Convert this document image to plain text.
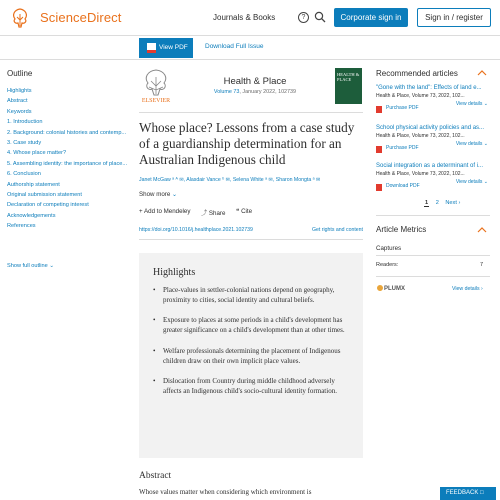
ScienceDirect	Journals & Books	?	Corporate sign in	Sign in / register
View PDF	Download Full Issue
Outline
Highlights
Abstract
Keywords
1. Introduction
2. Background: colonial histories and contemp...
3. Case study
4. Whose place matter?
5. Assembling identity: the importance of place...
6. Conclusion
Authorship statement
Original submission statement
Declaration of competing interest
Acknowledgements
References
Show full outline ⌄
ELSEVIER
Health & Place
Volume 73, January 2022, 102739
HEALTH & PLACE
Whose place? Lessons from a case study of a guardianship determination for an Australian Indigenous child
Janet McGaw ᵃ ᴬ ✉, Alasdair Vance ᵇ ✉, Selena White ᵃ ✉, Sharon Mongta ᵃ ✉
Show more ⌄
+ Add to Mendeley ⤴ Share ❝ Cite
https://doi.org/10.1016/j.healthplace.2021.102739	Get rights and content
Highlights
• Place-values in settler-colonial nations depend on geography, proximity to cities, social identity and cultural beliefs.
• Exposure to places at some periods in a child's development has greater significance on a child's development than at other times.
• Welfare professionals determining the placement of Indigenous children draw on their own implicit place values.
• Dislocation from Country during middle childhood adversely affects an Indigenous child's socio-cultural identity formation.
Abstract

Whose values matter when considering which environment is

Recommended articles
"Gone with the land": Effects of land e...
Health & Place, Volume 73, 2022, 102...
Purchase PDF
View details ⌄
School physical activity policies and as...
Health & Place, Volume 73, 2022, 102...
Purchase PDF
View details ⌄
Social integration as a determinant of i...
Health & Place, Volume 73, 2022, 102...
Download PDF
View details ⌄
1 2 Next ›
Article Metrics
Captures
Readers:	7
PLUMX	View details ›
FEEDBACK □
